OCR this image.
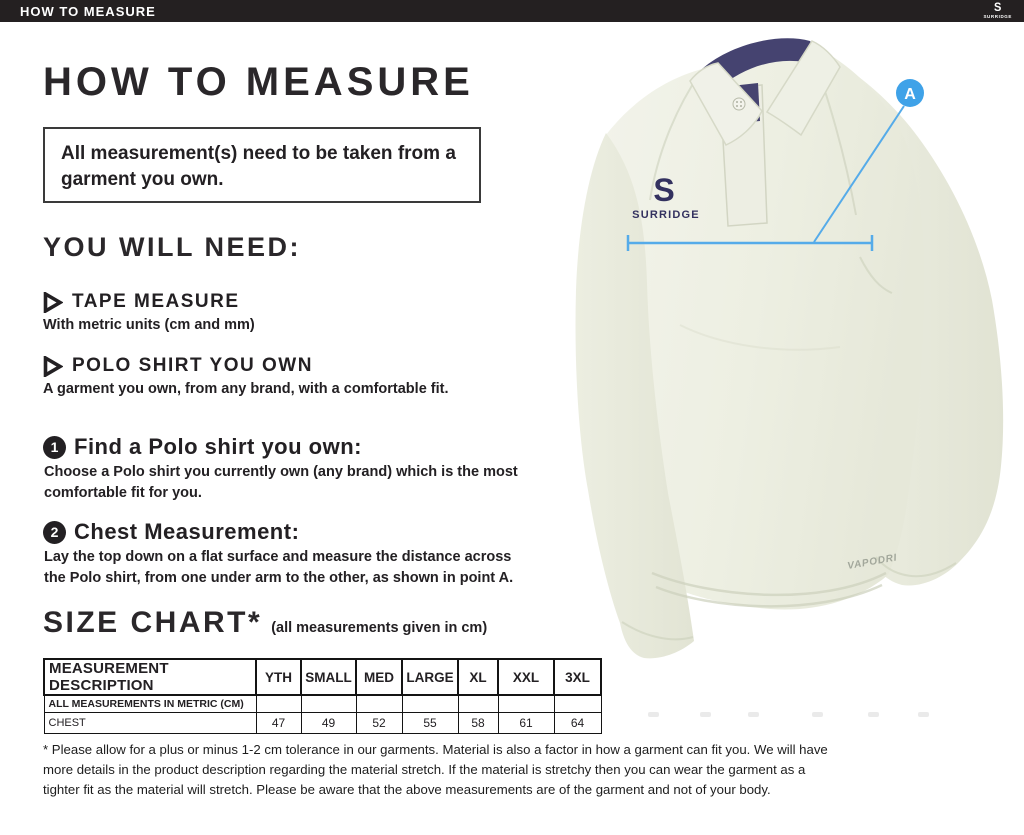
HOW TO MEASURE	S
SURRIDGE
HOW TO MEASURE
All measurement(s) need to be taken from a garment you own.
YOU WILL NEED:
TAPE MEASURE
With metric units (cm and mm)
POLO SHIRT YOU OWN
A garment you own, from any brand, with a comfortable fit.
1 Find a Polo shirt you own:
Choose a Polo shirt you currently own (any brand) which is the most
comfortable fit for you.
2 Chest Measurement:
Lay the top down on a flat surface and measure the distance across
the Polo shirt, from one under arm to the other, as shown in point A.
SIZE CHART* (all measurements given in cm)
MEASUREMENT DESCRIPTION	YTH	SMALL	MED	LARGE	XL	XXL	3XL
ALL MEASUREMENTS IN METRIC (CM)							
CHEST	47	49	52	55	58	61	64
* Please allow for a plus or minus 1-2 cm tolerance in our garments. Material is also a factor in how a garment can fit you. We will have more details in the product description regarding the material stretch. If the material is stretchy then you can wear the garment as a tighter fit as the material will stretch. Please be aware that the above measurements are of the garment and not of your body.
S
SURRIDGE
VAPODRI
A
